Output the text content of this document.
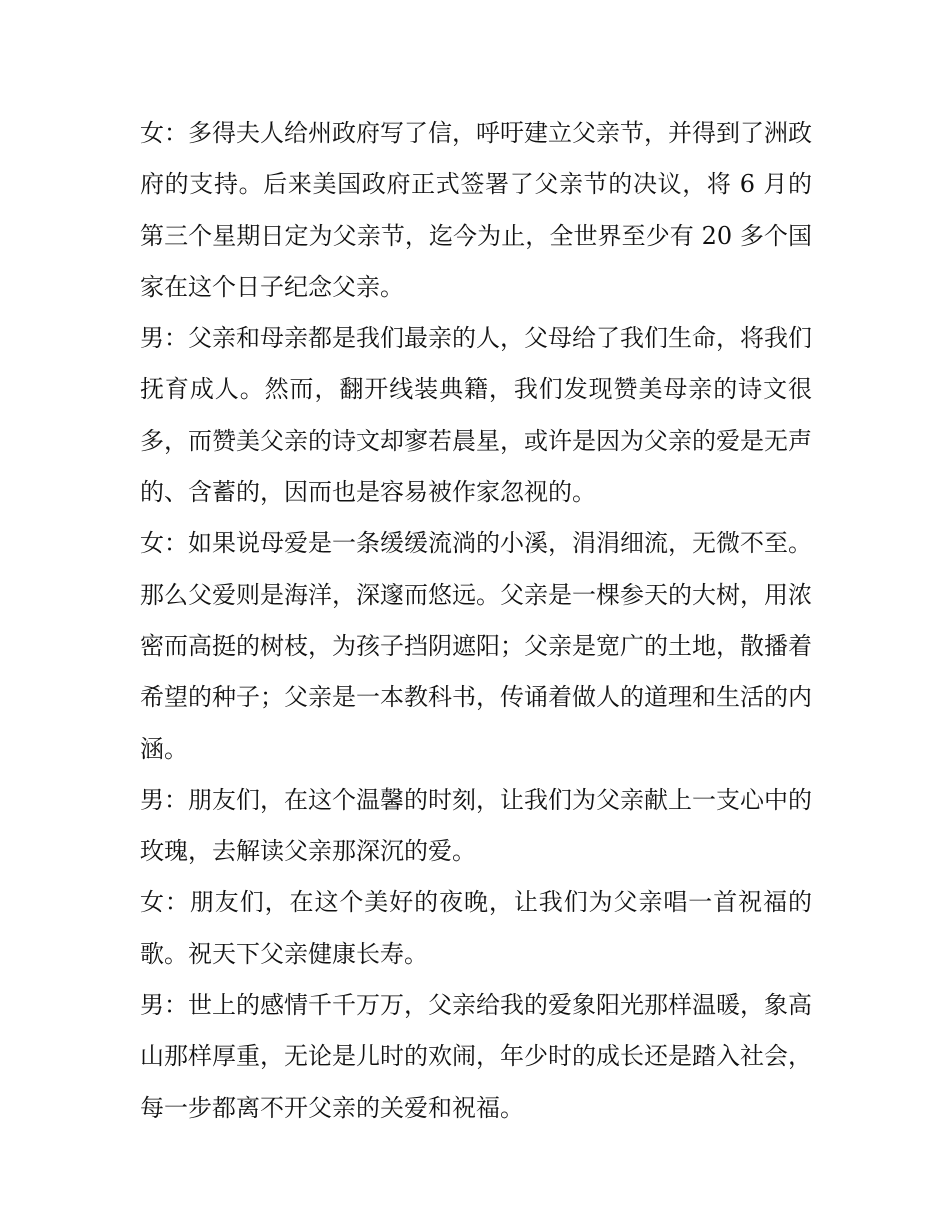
女：多得夫人给州政府写了信，呼吁建立父亲节，并得到了洲政府的支持。后来美国政府正式签署了父亲节的决议，将 6 月的第三个星期日定为父亲节，迄今为止，全世界至少有 20 多个国家在这个日子纪念父亲。

男：父亲和母亲都是我们最亲的人，父母给了我们生命，将我们抚育成人。然而，翻开线装典籍，我们发现赞美母亲的诗文很多，而赞美父亲的诗文却寥若晨星，或许是因为父亲的爱是无声的、含蓄的，因而也是容易被作家忽视的。

女：如果说母爱是一条缓缓流淌的小溪，涓涓细流，无微不至。那么父爱则是海洋，深邃而悠远。父亲是一棵参天的大树，用浓密而高挺的树枝，为孩子挡阴遮阳；父亲是宽广的土地，散播着希望的种子；父亲是一本教科书，传诵着做人的道理和生活的内涵。

男：朋友们，在这个温馨的时刻，让我们为父亲献上一支心中的玫瑰，去解读父亲那深沉的爱。

女：朋友们，在这个美好的夜晚，让我们为父亲唱一首祝福的歌。祝天下父亲健康长寿。

男：世上的感情千千万万，父亲给我的爱象阳光那样温暖，象高山那样厚重，无论是儿时的欢闹，年少时的成长还是踏入社会，每一步都离不开父亲的关爱和祝福。
